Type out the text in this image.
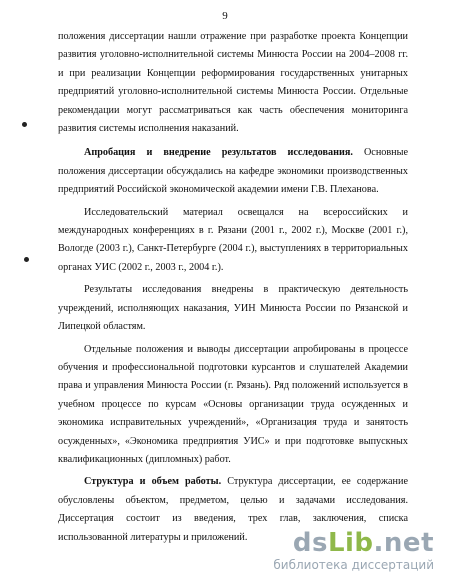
9

положения диссертации нашли отражение при разработке проекта Концепции развития уголовно-исполнительной системы Минюста России на 2004–2008 гг. и при реализации Концепции реформирования государственных унитарных предприятий уголовно-исполнительной системы Минюста России. Отдельные рекомендации могут рассматриваться как часть обеспечения мониторинга развития системы исполнения наказаний.

Апробация и внедрение результатов исследования. Основные положения диссертации обсуждались на кафедре экономики производственных предприятий Российской экономической академии имени Г.В. Плеханова.

Исследовательский материал освещался на всероссийских и международных конференциях в г. Рязани (2001 г., 2002 г.), Москве (2001 г.), Вологде (2003 г.), Санкт-Петербурге (2004 г.), выступлениях в территориальных органах УИС (2002 г., 2003 г., 2004 г.).

Результаты исследования внедрены в практическую деятельность учреждений, исполняющих наказания, УИН Минюста России по Рязанской и Липецкой областям.

Отдельные положения и выводы диссертации апробированы в процессе обучения и профессиональной подготовки курсантов и слушателей Академии права и управления Минюста России (г. Рязань). Ряд положений используется в учебном процессе по курсам «Основы организации труда осужденных и экономика исправительных учреждений», «Организация труда и занятость осужденных», «Экономика предприятия УИС» и при подготовке выпускных квалификационных (дипломных) работ.

Структура и объем работы. Структура диссертации, ее содержание обусловлены объектом, предметом, целью и задачами исследования. Диссертация состоит из введения, трех глав, заключения, списка использованной литературы и приложений.	dsLib.net
библиотека диссертаций
